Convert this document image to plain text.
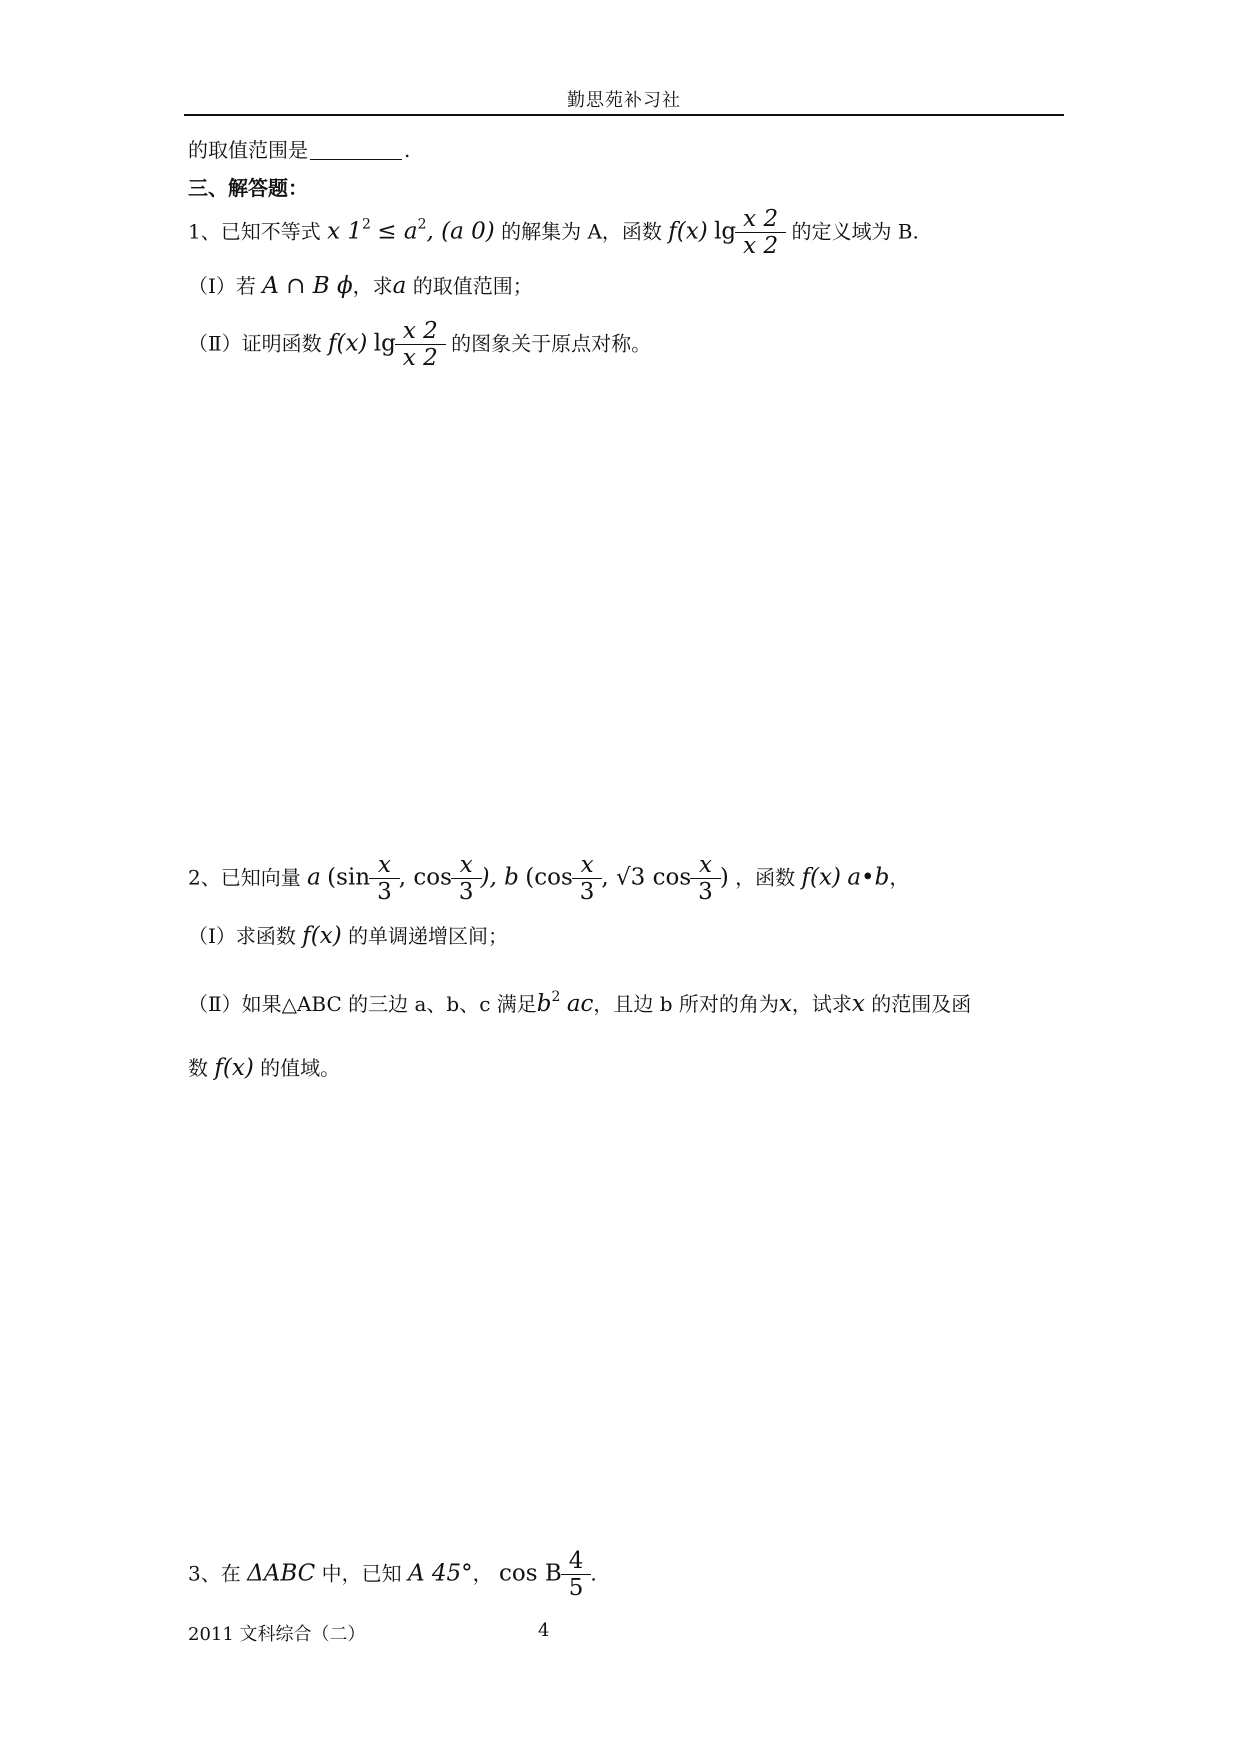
勤思苑补习社
的取值范围是	.
三、解答题：
1、已知不等式 x $1^2 \le a^2$, (a 0) 的解集为 A，函数 f(x) $\lg \frac{x 2}{x 2}$ 的定义域为 B.
（Ⅰ）若 A ∩ B ϕ，求a 的取值范围；
（Ⅱ）证明函数 f(x) $\lg \frac{x 2}{x 2}$ 的图象关于原点对称。
2、已知向量 a ($\sin \frac{x}{3}$ , $\cos \frac{x}{3}$ ), b ($\cos \frac{x}{3}$ , √3 $\cos \frac{x}{3}$ ) ，函数 f(x) a•b，
（Ⅰ）求函数 f(x) 的单调递增区间；
（Ⅱ）如果△ABC 的三边 a、b、c 满足$b^2$ ac，且边 b 所对的角为x，试求x 的范围及函
数 f(x) 的值域。
3、在 ΔABC 中，已知 A 45°， cos B $\frac{4}{5}$ .
2011 文科综合（二）	4
